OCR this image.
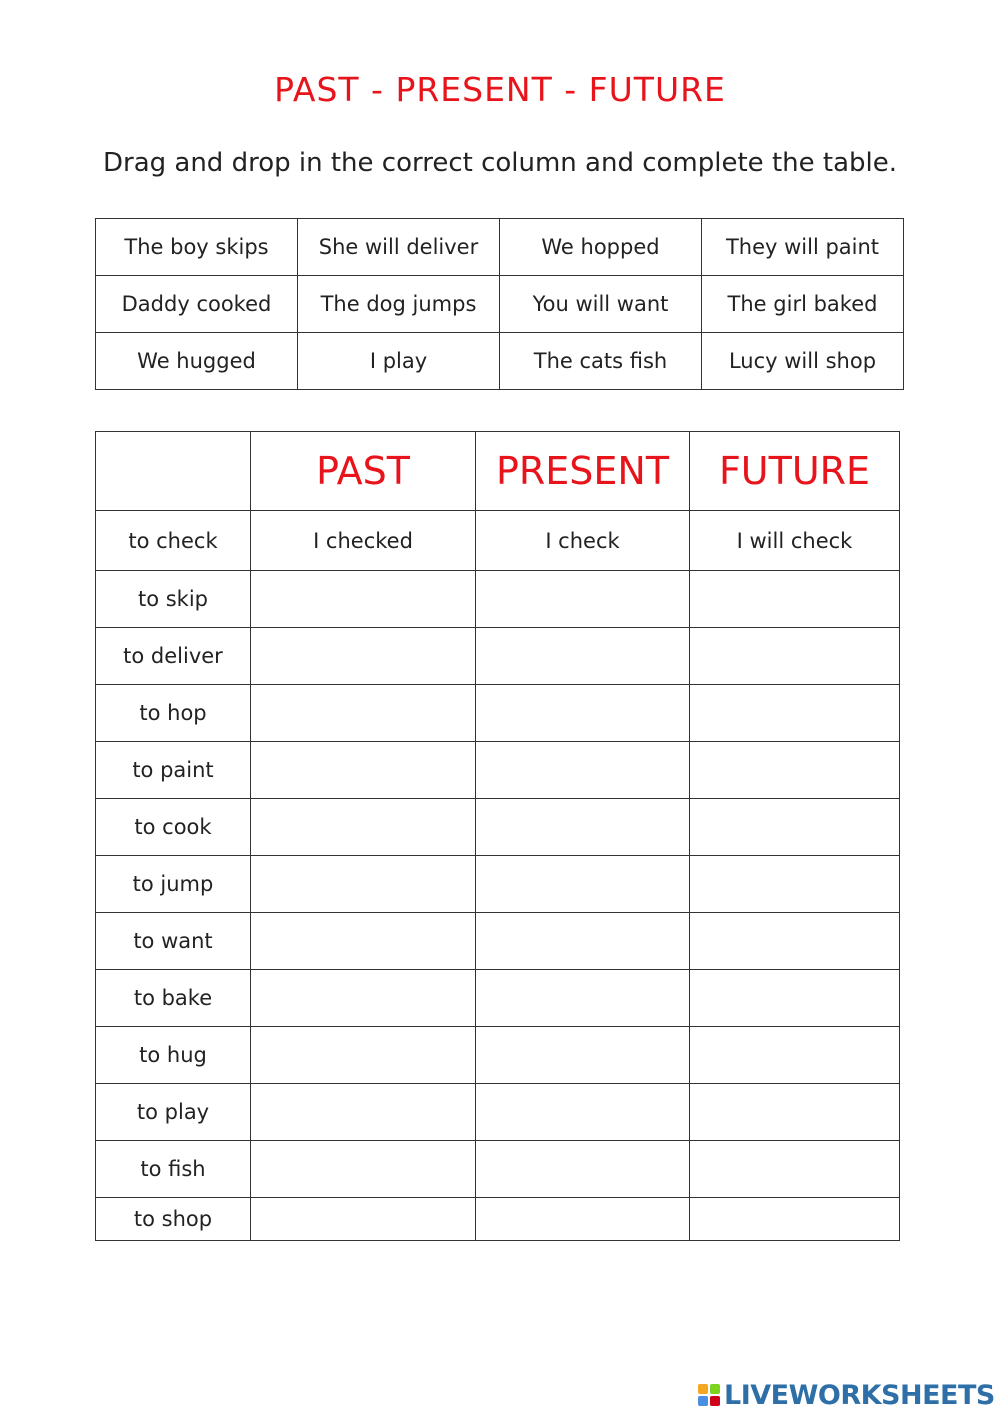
PAST - PRESENT - FUTURE
Drag and drop in the correct column and complete the table.
The boy skips	She will deliver	We hopped	They will paint
Daddy cooked	The dog jumps	You will want	The girl baked
We hugged	I play	The cats fish	Lucy will shop
	PAST	PRESENT	FUTURE
to check	I checked	I check	I will check
to skip			
to deliver			
to hop			
to paint			
to cook			
to jump			
to want			
to bake			
to hug			
to play			
to fish			
to shop			
LIVEWORKSHEETS
